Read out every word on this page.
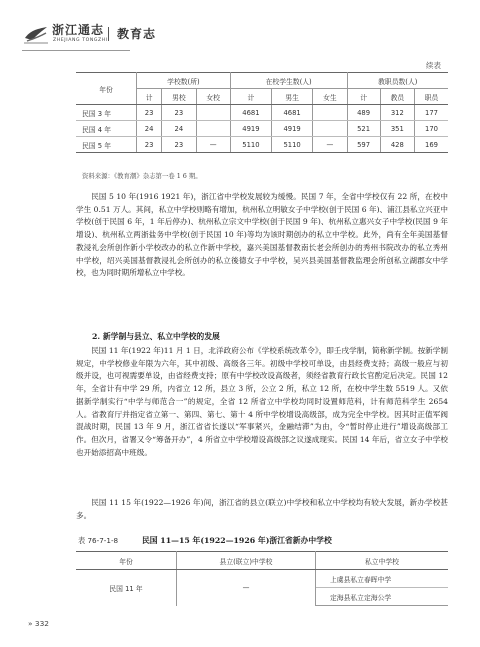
浙江通志
ZHEJIANG TONGZHI 教育志
续表
年份	学校数(所)			在校学生数(人)			教职员数(人)		
	计	男校	女校	计	男生	女生	计	教员	职员
民国 3 年	23	23		4681	4681		489	312	177
民国 4 年	24	24		4919	4919		521	351	170
民国 5 年	23	23	—	5110	5110	—	597	428	169
资料来源：《教育潮》杂志第一卷 1 6 期。

民国 5 10 年(1916 1921 年)，浙江省中学校发展较为缓慢。民国 7 年，全省中学校仅有 22 所，在校中学生 0.51 万人。其间，私立中学校则略有增加，杭州私立明敏女子中学校(创于民国 6 年)、浦江县私立兴亚中学校(创于民国 6 年，1 年后停办)、杭州私立宗文中学校(创于民国 9 年)、杭州私立惠兴女子中学校(民国 9 年增设)、杭州私立两浙盐务中学校(创于民国 10 年)等均为该时期创办的私立中学校。此外，尚有全年美国基督教浸礼会所创作新小学校改办的私立作新中学校，嘉兴美国基督教南长老会所创办的秀州书院改办的私立秀州中学校，绍兴美国基督教浸礼会所创办的私立後德女子中学校，吴兴县美国基督教监理会所创私立湖郡女中学校，也为同时期所增私立中学校。

2. 新学制与县立、私立中学校的发展

民国 11 年(1922 年)11 月 1 日，北洋政府公布《学校系统改革令》，即壬戌学制，简称新学制。按新学制规定，中学校修业年限为六年，其中初级、高级各三年。初级中学校可单设，由县经费支持；高级一般应与初级并设，也可视需要单设，由省经费支持；原有中学校改设高级者，须经省教育行政长官酌定后决定。民国 12 年，全省计有中学 29 所，内省立 12 所，县立 3 所，公立 2 所，私立 12 所，在校中学生数 5519 人。又依据新学制实行“中学与师范合一”的规定，全省 12 所省立中学校均同时设置师范科，计有师范科学生 2654 人。省教育厅并指定省立第一、第四、第七、第十 4 所中学校增设高级部，成为完全中学校。因其时正值军阀混战时期，民国 13 年 9 月，浙江省省长遂以“军事紧兴，金融结滞”为由，令“暂时停止进行”增设高级部工作。但次月，省署又令“筹备开办”，4 所省立中学校增设高级部之议遂成现实。民国 14 年后，省立女子中学校也开始添招高中班级。

民国 11 15 年(1922—1926 年)间，浙江省的县立(联立)中学校和私立中学校均有较大发展，新办学校甚多。

表 76-7-1-8	民国 11—15 年(1922—1926 年)浙江省新办中学校
年份	县立(联立)中学校	私立中学校
民国 11 年	—	上虞县私立春晖中学
		定海县私立定海公学
» 332
